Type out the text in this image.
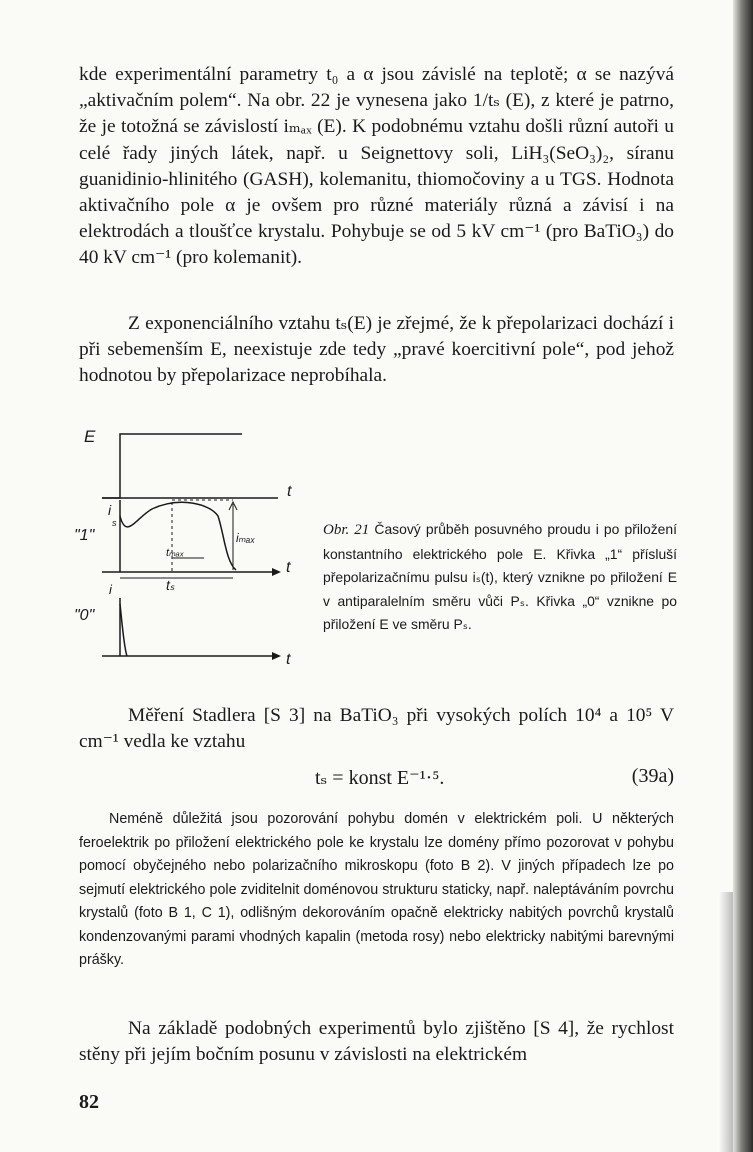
kde experimentální parametry t₀ a α jsou závislé na teplotě; α se nazývá „aktivačním polem“. Na obr. 22 je vynesena jako 1/tₛ (E), z které je patrno, že je totožná se závislostí iₘₐₓ (E). K podobnému vztahu došli různí autoři u celé řady jiných látek, např. u Seignettovy soli, LiH₃(SeO₃)₂, síranu guanidinio-hlinitého (GASH), kolemanitu, thiomočoviny a u TGS. Hodnota aktivačního pole α je ovšem pro různé materiály různá a závisí i na elektrodách a tloušťce krystalu. Pohybuje se od 5 kV cm⁻¹ (pro BaTiO₃) do 40 kV cm⁻¹ (pro kolemanit).

Z exponenciálního vztahu tₛ(E) je zřejmé, že k přepolarizaci dochází i při sebemenším E, neexistuje zde tedy „pravé koercitivní pole“, pod jehož hodnotou by přepolarizace neprobíhala.

E
t
i
s
"1"	iₘₐₓ
tₘₐₓ
t
tₛ
i
"0"
t

Obr. 21 Časový průběh posuvného proudu i po přiložení konstantního elektrického pole E. Křivka „1“ přísluší přepolarizačnímu pulsu iₛ(t), který vznikne po přiložení E v antiparalelním směru vůči Pₛ. Křivka „0“ vznikne po přiložení E ve směru Pₛ.

Měření Stadlera [S 3] na BaTiO₃ při vysokých polích 10⁴ a 10⁵ V cm⁻¹ vedla ke vztahu

tₛ = konst E⁻¹·⁵.	(39a)

Neméně důležitá jsou pozorování pohybu domén v elektrickém poli. U některých feroelektrik po přiložení elektrického pole ke krystalu lze domény přímo pozorovat v pohybu pomocí obyčejného nebo polarizačního mikroskopu (foto B 2). V jiných případech lze po sejmutí elektrického pole zviditelnit doménovou strukturu staticky, např. naleptáváním povrchu krystalů (foto B 1, C 1), odlišným dekorováním opačně elektricky nabitých povrchů krystalů kondenzovanými parami vhodných kapalin (metoda rosy) nebo elektricky nabitými barevnými prášky.

Na základě podobných experimentů bylo zjištěno [S 4], že rychlost stěny při jejím bočním posunu v závislosti na elektrickém

82
